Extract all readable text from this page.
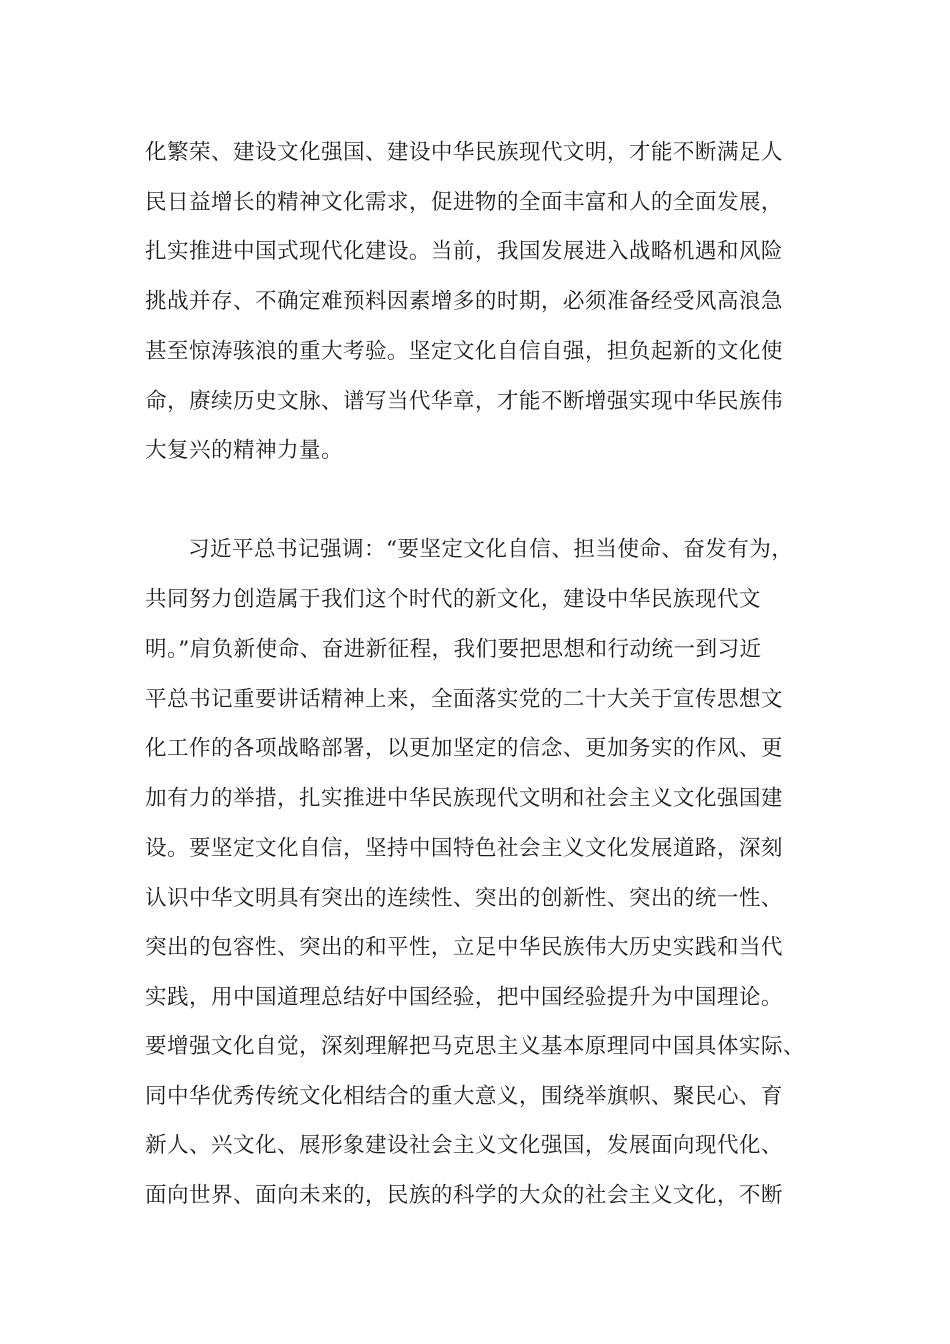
化繁荣、建设文化强国、建设中华民族现代文明，才能不断满足人
民日益增长的精神文化需求，促进物的全面丰富和人的全面发展，
扎实推进中国式现代化建设。当前，我国发展进入战略机遇和风险
挑战并存、不确定难预料因素增多的时期，必须准备经受风高浪急
甚至惊涛骇浪的重大考验。坚定文化自信自强，担负起新的文化使
命，赓续历史文脉、谱写当代华章，才能不断增强实现中华民族伟
大复兴的精神力量。
习近平总书记强调：“要坚定文化自信、担当使命、奋发有为，
共同努力创造属于我们这个时代的新文化，建设中华民族现代文
明。”肩负新使命、奋进新征程，我们要把思想和行动统一到习近
平总书记重要讲话精神上来，全面落实党的二十大关于宣传思想文
化工作的各项战略部署，以更加坚定的信念、更加务实的作风、更
加有力的举措，扎实推进中华民族现代文明和社会主义文化强国建
设。要坚定文化自信，坚持中国特色社会主义文化发展道路，深刻
认识中华文明具有突出的连续性、突出的创新性、突出的统一性、
突出的包容性、突出的和平性，立足中华民族伟大历史实践和当代
实践，用中国道理总结好中国经验，把中国经验提升为中国理论。
要增强文化自觉，深刻理解把马克思主义基本原理同中国具体实际、
同中华优秀传统文化相结合的重大意义，围绕举旗帜、聚民心、育
新人、兴文化、展形象建设社会主义文化强国，发展面向现代化、
面向世界、面向未来的，民族的科学的大众的社会主义文化，不断
